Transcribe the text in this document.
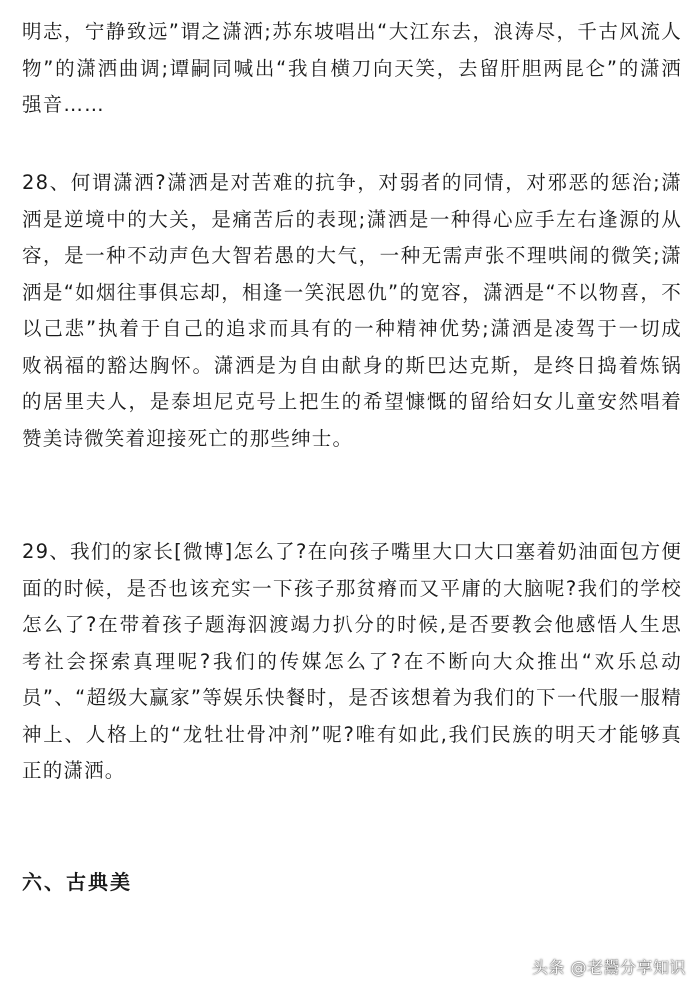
明志，宁静致远”谓之潇洒;苏东坡唱出“大江东去，浪涛尽，千古风流人物”的潇洒曲调;谭嗣同喊出“我自横刀向天笑，去留肝胆两昆仑”的潇洒强音……

28、何谓潇洒?潇洒是对苦难的抗争，对弱者的同情，对邪恶的惩治;潇洒是逆境中的大关，是痛苦后的表现;潇洒是一种得心应手左右逢源的从容，是一种不动声色大智若愚的大气，一种无需声张不理哄闹的微笑;潇洒是“如烟往事俱忘却，相逢一笑泯恩仇”的宽容，潇洒是“不以物喜，不以己悲”执着于自己的追求而具有的一种精神优势;潇洒是凌驾于一切成败祸福的豁达胸怀。潇洒是为自由献身的斯巴达克斯，是终日捣着炼锅的居里夫人，是泰坦尼克号上把生的希望慷慨的留给妇女儿童安然唱着赞美诗微笑着迎接死亡的那些绅士。

29、我们的家长[微博]怎么了?在向孩子嘴里大口大口塞着奶油面包方便面的时候，是否也该充实一下孩子那贫瘠而又平庸的大脑呢?我们的学校怎么了?在带着孩子题海泅渡竭力扒分的时候,是否要教会他感悟人生思考社会探索真理呢?我们的传媒怎么了?在不断向大众推出“欢乐总动员”、“超级大赢家”等娱乐快餐时，是否该想着为我们的下一代服一服精神上、人格上的“龙牡壮骨冲剂”呢?唯有如此,我们民族的明天才能够真正的潇洒。

六、古典美
头条 @老鬶分享知识
